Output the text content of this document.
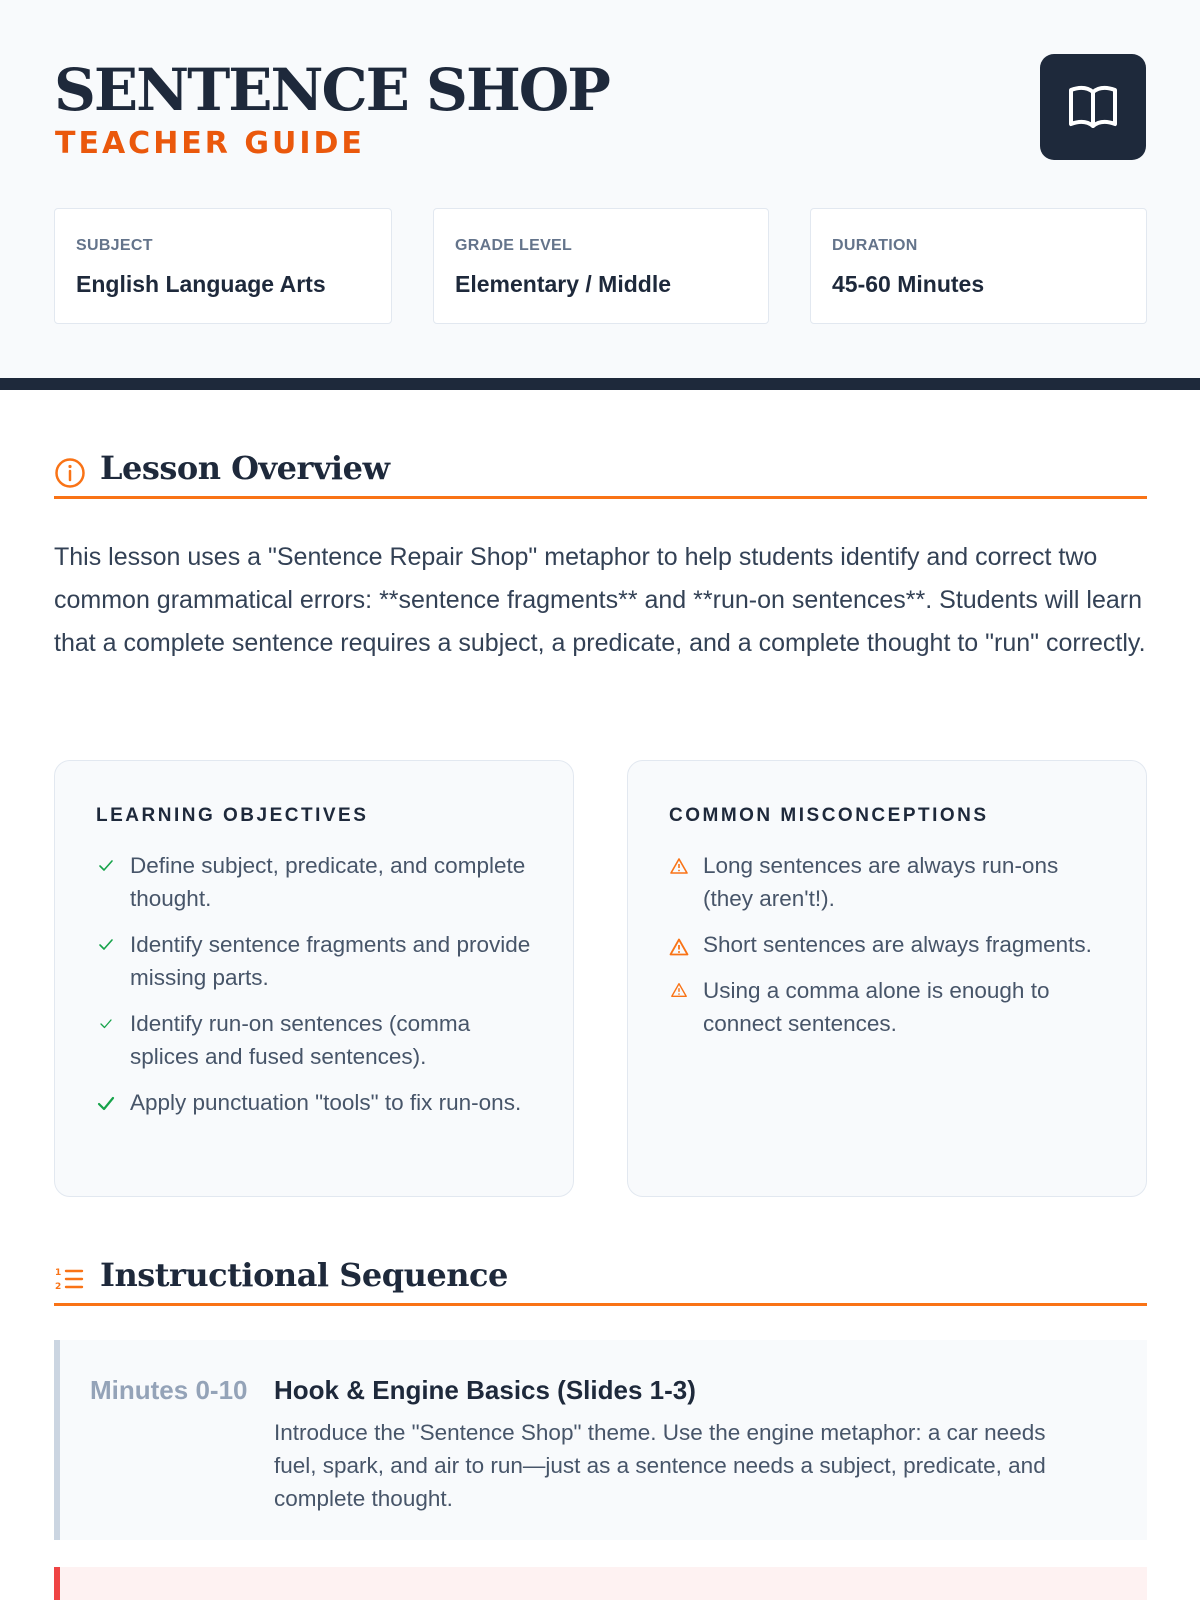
SENTENCE SHOP
TEACHER GUIDE
SUBJECT
English Language Arts
GRADE LEVEL
Elementary / Middle
DURATION
45-60 Minutes
Lesson Overview

This lesson uses a "Sentence Repair Shop" metaphor to help students identify and correct two common grammatical errors: **sentence fragments** and **run-on sentences**. Students will learn that a complete sentence requires a subject, a predicate, and a complete thought to "run" correctly.

LEARNING OBJECTIVES
Define subject, predicate, and complete thought.
Identify sentence fragments and provide missing parts.
Identify run-on sentences (comma splices and fused sentences).
Apply punctuation "tools" to fix run-ons.
COMMON MISCONCEPTIONS
Long sentences are always run-ons (they aren't!).
Short sentences are always fragments.
Using a comma alone is enough to connect sentences.
1
2 Instructional Sequence
Minutes 0-10	Hook & Engine Basics (Slides 1-3)
Introduce the "Sentence Shop" theme. Use the engine metaphor: a car needs fuel, spark, and air to run—just as a sentence needs a subject, predicate, and complete thought.
